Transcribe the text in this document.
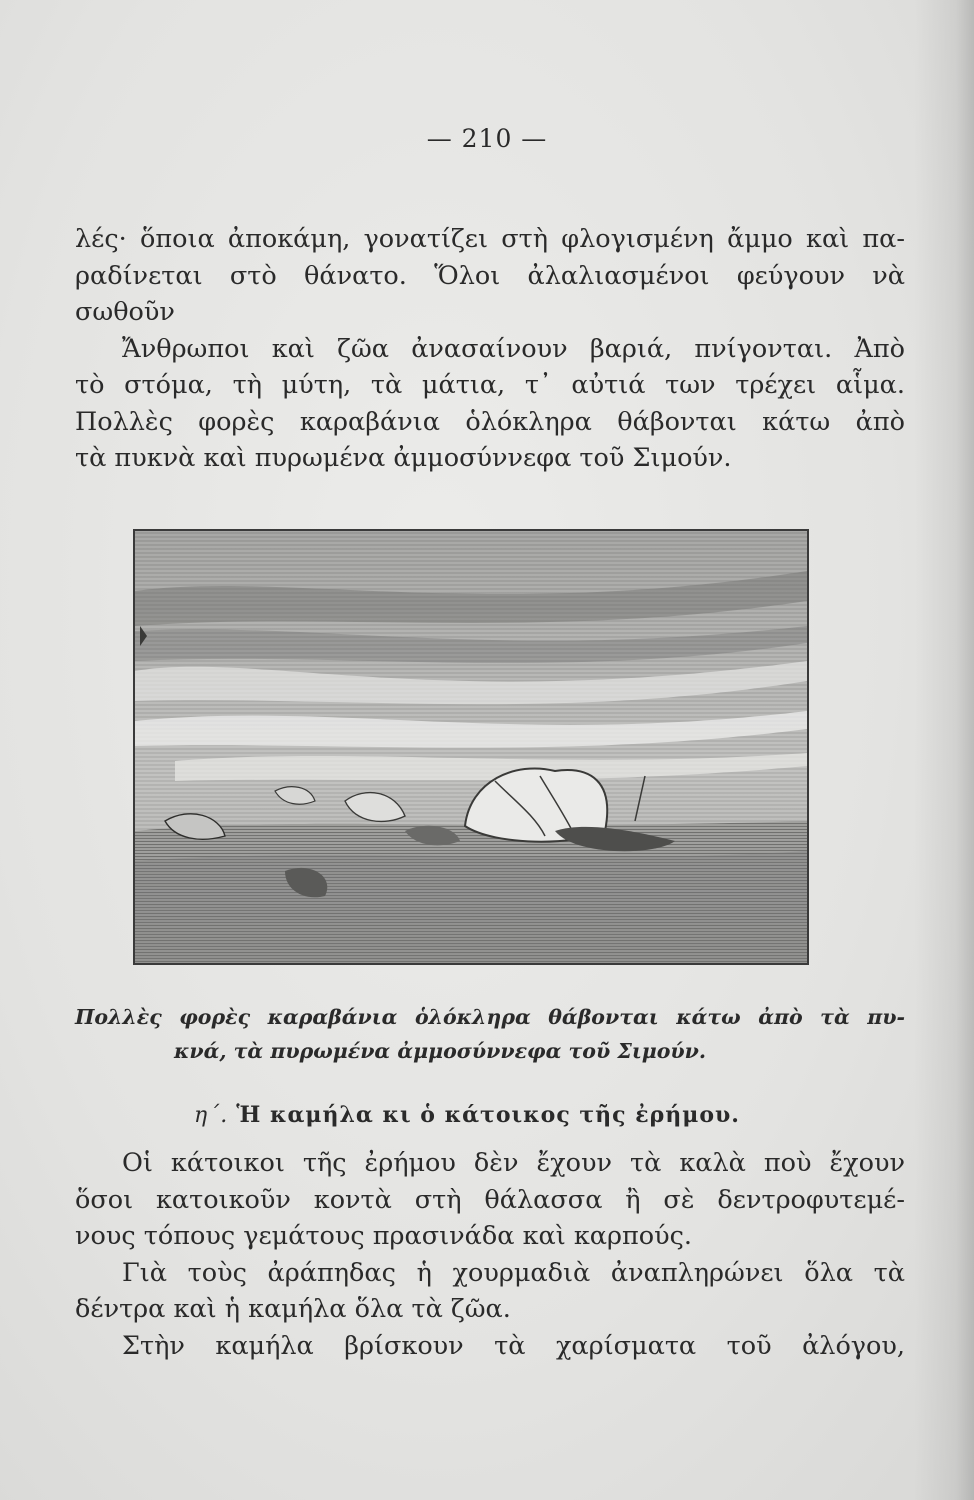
— 210 —
λές· ὅποια ἀποκάμη, γονατίζει στὴ φλογισμένη ἄμμο καὶ πα-
ραδίνεται στὸ θάνατο. Ὅλοι ἀλαλιασμένοι φεύγουν νὰ
σωθοῦν
Ἄνθρωποι καὶ ζῶα ἀνασαίνουν βαριά, πνίγονται. Ἀπὸ
τὸ στόμα, τὴ μύτη, τὰ μάτια, τ᾿ αὐτιά των τρέχει αἷμα.
Πολλὲς φορὲς καραβάνια ὁλόκληρα θάβονται κάτω ἀπὸ
τὰ πυκνὰ καὶ πυρωμένα ἀμμοσύννεφα τοῦ Σιμούν.
Πολλὲς φορὲς καραβάνια ὁλόκληρα θάβονται κάτω ἀπὸ τὰ πυ-
κνά, τὰ πυρωμένα ἀμμοσύννεφα τοῦ Σιμούν.
η΄. Ἡ καμήλα κι ὁ κάτοικος τῆς ἐρήμου.
Οἱ κάτοικοι τῆς ἐρήμου δὲν ἔχουν τὰ καλὰ ποὺ ἔχουν
ὅσοι κατοικοῦν κοντὰ στὴ θάλασσα ἢ σὲ δεντροφυτεμέ-
νους τόπους γεμάτους πρασινάδα καὶ καρπούς.
Γιὰ τοὺς ἀράπηδας ἡ χουρμαδιὰ ἀναπληρώνει ὅλα τὰ
δέντρα καὶ ἡ καμήλα ὅλα τὰ ζῶα.
Στὴν καμήλα βρίσκουν τὰ χαρίσματα τοῦ ἀλόγου,
